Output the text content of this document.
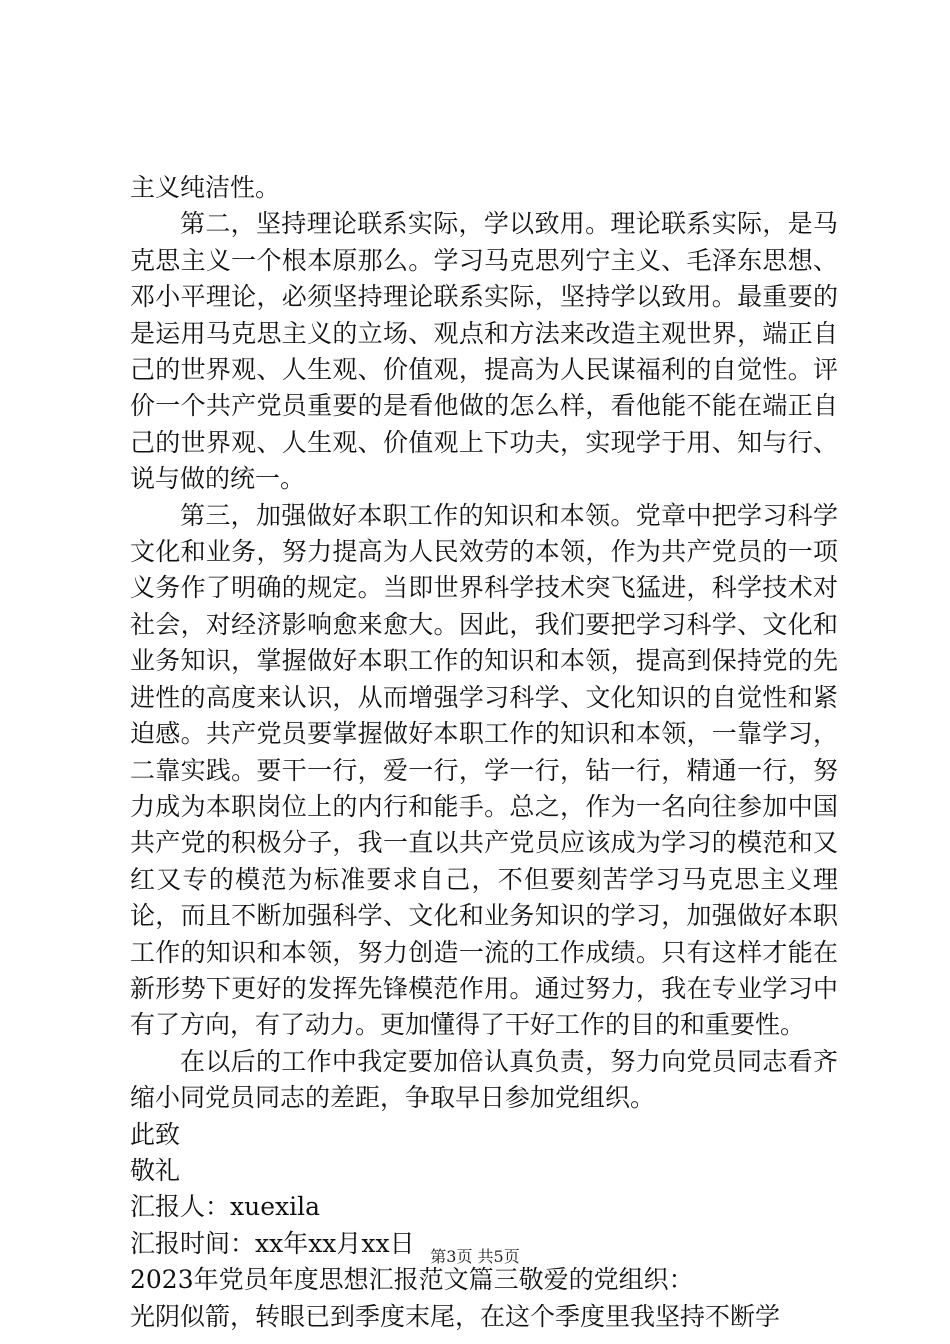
主义纯洁性。

第二，坚持理论联系实际，学以致用。理论联系实际，是马克思主义一个根本原那么。学习马克思列宁主义、毛泽东思想、邓小平理论，必须坚持理论联系实际，坚持学以致用。最重要的是运用马克思主义的立场、观点和方法来改造主观世界，端正自己的世界观、人生观、价值观，提高为人民谋福利的自觉性。评价一个共产党员重要的是看他做的怎么样，看他能不能在端正自己的世界观、人生观、价值观上下功夫，实现学于用、知与行、说与做的统一。

第三，加强做好本职工作的知识和本领。党章中把学习科学文化和业务，努力提高为人民效劳的本领，作为共产党员的一项义务作了明确的规定。当即世界科学技术突飞猛进，科学技术对社会，对经济影响愈来愈大。因此，我们要把学习科学、文化和业务知识，掌握做好本职工作的知识和本领，提高到保持党的先进性的高度来认识，从而增强学习科学、文化知识的自觉性和紧迫感。共产党员要掌握做好本职工作的知识和本领，一靠学习，二靠实践。要干一行，爱一行，学一行，钻一行，精通一行，努力成为本职岗位上的内行和能手。总之，作为一名向往参加中国共产党的积极分子，我一直以共产党员应该成为学习的模范和又红又专的模范为标准要求自己，不但要刻苦学习马克思主义理论，而且不断加强科学、文化和业务知识的学习，加强做好本职工作的知识和本领，努力创造一流的工作成绩。只有这样才能在新形势下更好的发挥先锋模范作用。通过努力，我在专业学习中有了方向，有了动力。更加懂得了干好工作的目的和重要性。

在以后的工作中我定要加倍认真负责，努力向党员同志看齐缩小同党员同志的差距，争取早日参加党组织。

此致

敬礼

汇报人：xuexila

汇报时间：xx年xx月xx日

2023年党员年度思想汇报范文篇三敬爱的党组织：

光阴似箭，转眼已到季度末尾，在这个季度里我坚持不断学

第3页 共5页
